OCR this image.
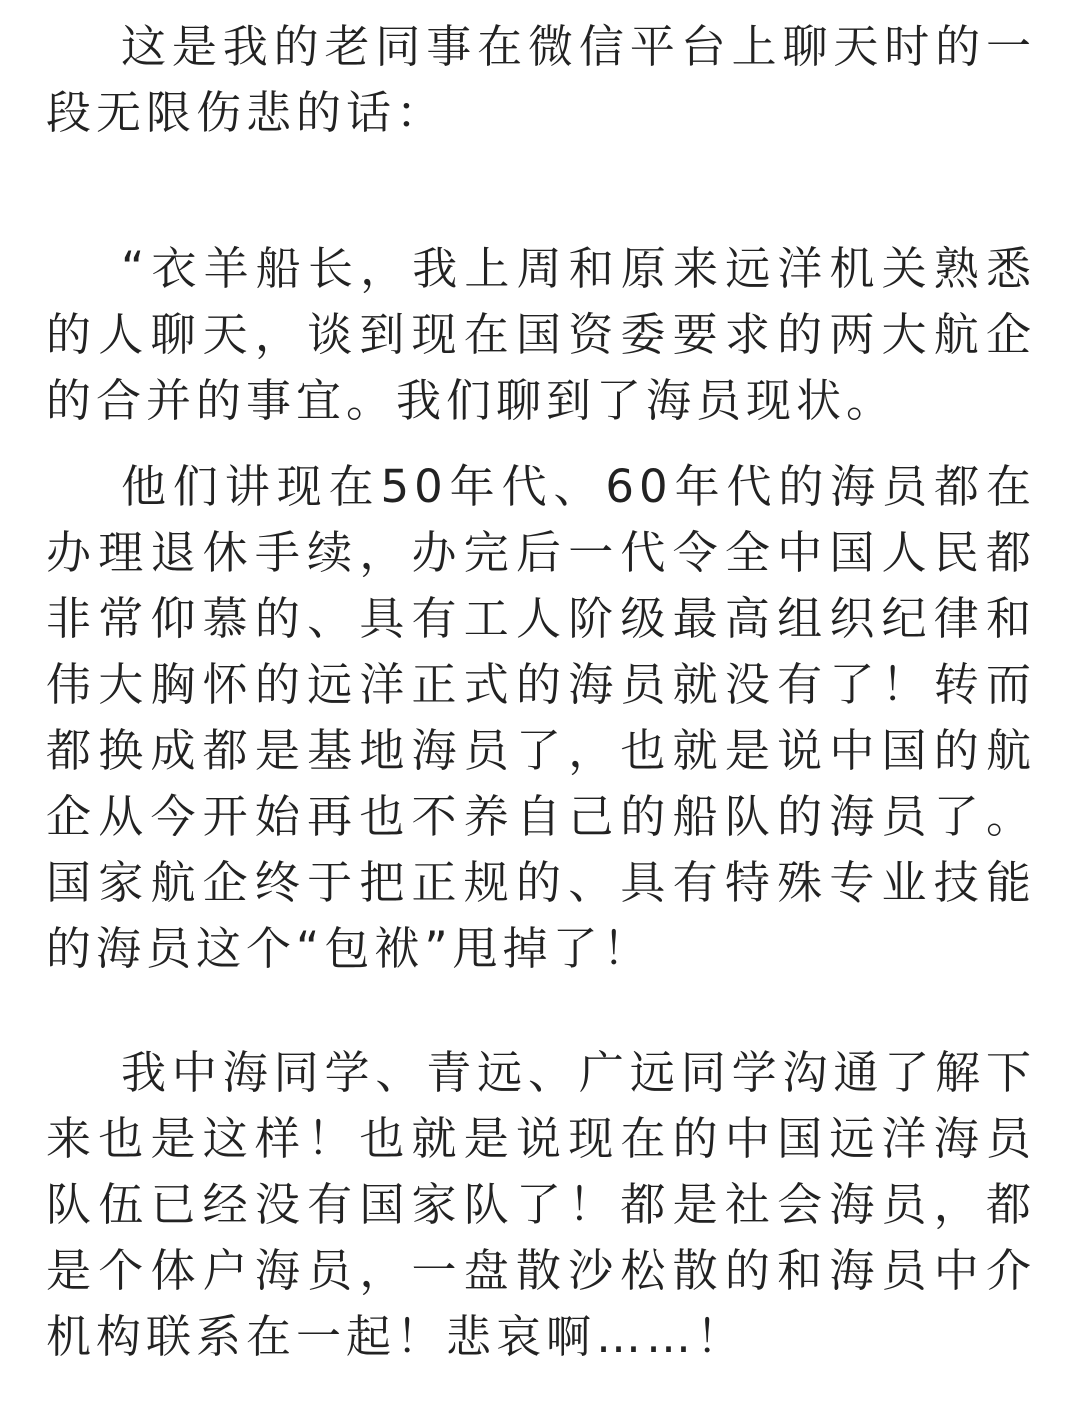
这是我的老同事在微信平台上聊天时的一段无限伤悲的话：

“衣羊船长，我上周和原来远洋机关熟悉的人聊天，谈到现在国资委要求的两大航企的合并的事宜。我们聊到了海员现状。

他们讲现在50年代、60年代的海员都在办理退休手续，办完后一代令全中国人民都非常仰慕的、具有工人阶级最高组织纪律和伟大胸怀的远洋正式的海员就没有了！转而都换成都是基地海员了，也就是说中国的航企从今开始再也不养自己的船队的海员了。国家航企终于把正规的、具有特殊专业技能的海员这个“包袱”甩掉了！

我中海同学、青远、广远同学沟通了解下来也是这样！也就是说现在的中国远洋海员队伍已经没有国家队了！都是社会海员，都是个体户海员，一盘散沙松散的和海员中介机构联系在一起！悲哀啊……！
